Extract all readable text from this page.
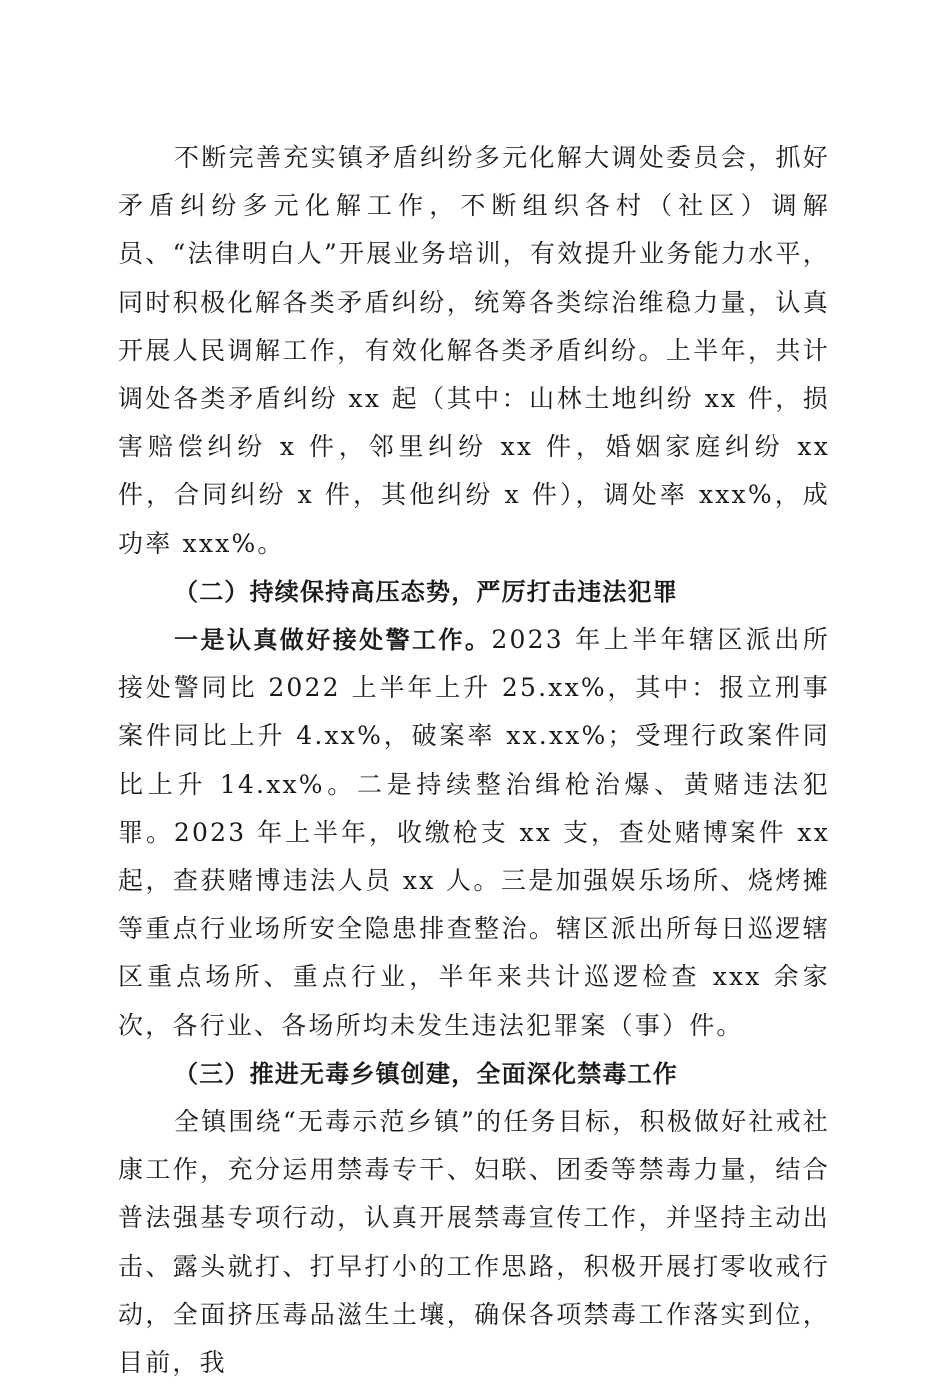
不断完善充实镇矛盾纠纷多元化解大调处委员会，抓好矛盾纠纷多元化解工作，不断组织各村（社区）调解员、“法律明白人”开展业务培训，有效提升业务能力水平，同时积极化解各类矛盾纠纷，统筹各类综治维稳力量，认真开展人民调解工作，有效化解各类矛盾纠纷。上半年，共计调处各类矛盾纠纷 xx 起（其中：山林土地纠纷 xx 件，损害赔偿纠纷 x 件，邻里纠纷 xx 件，婚姻家庭纠纷 xx 件，合同纠纷 x 件，其他纠纷 x 件），调处率 xxx%，成功率 xxx%。

（二）持续保持高压态势，严厉打击违法犯罪

一是认真做好接处警工作。2023 年上半年辖区派出所接处警同比 2022 上半年上升 25.xx%，其中：报立刑事案件同比上升 4.xx%，破案率 xx.xx%；受理行政案件同比上升 14.xx%。二是持续整治缉枪治爆、黄赌违法犯罪。2023 年上半年，收缴枪支 xx 支，查处赌博案件 xx 起，查获赌博违法人员 xx 人。三是加强娱乐场所、烧烤摊等重点行业场所安全隐患排查整治。辖区派出所每日巡逻辖区重点场所、重点行业，半年来共计巡逻检查 xxx 余家次，各行业、各场所均未发生违法犯罪案（事）件。

（三）推进无毒乡镇创建，全面深化禁毒工作

全镇围绕“无毒示范乡镇”的任务目标，积极做好社戒社康工作，充分运用禁毒专干、妇联、团委等禁毒力量，结合普法强基专项行动，认真开展禁毒宣传工作，并坚持主动出击、露头就打、打早打小的工作思路，积极开展打零收戒行动，全面挤压毒品滋生土壤，确保各项禁毒工作落实到位，目前，我
